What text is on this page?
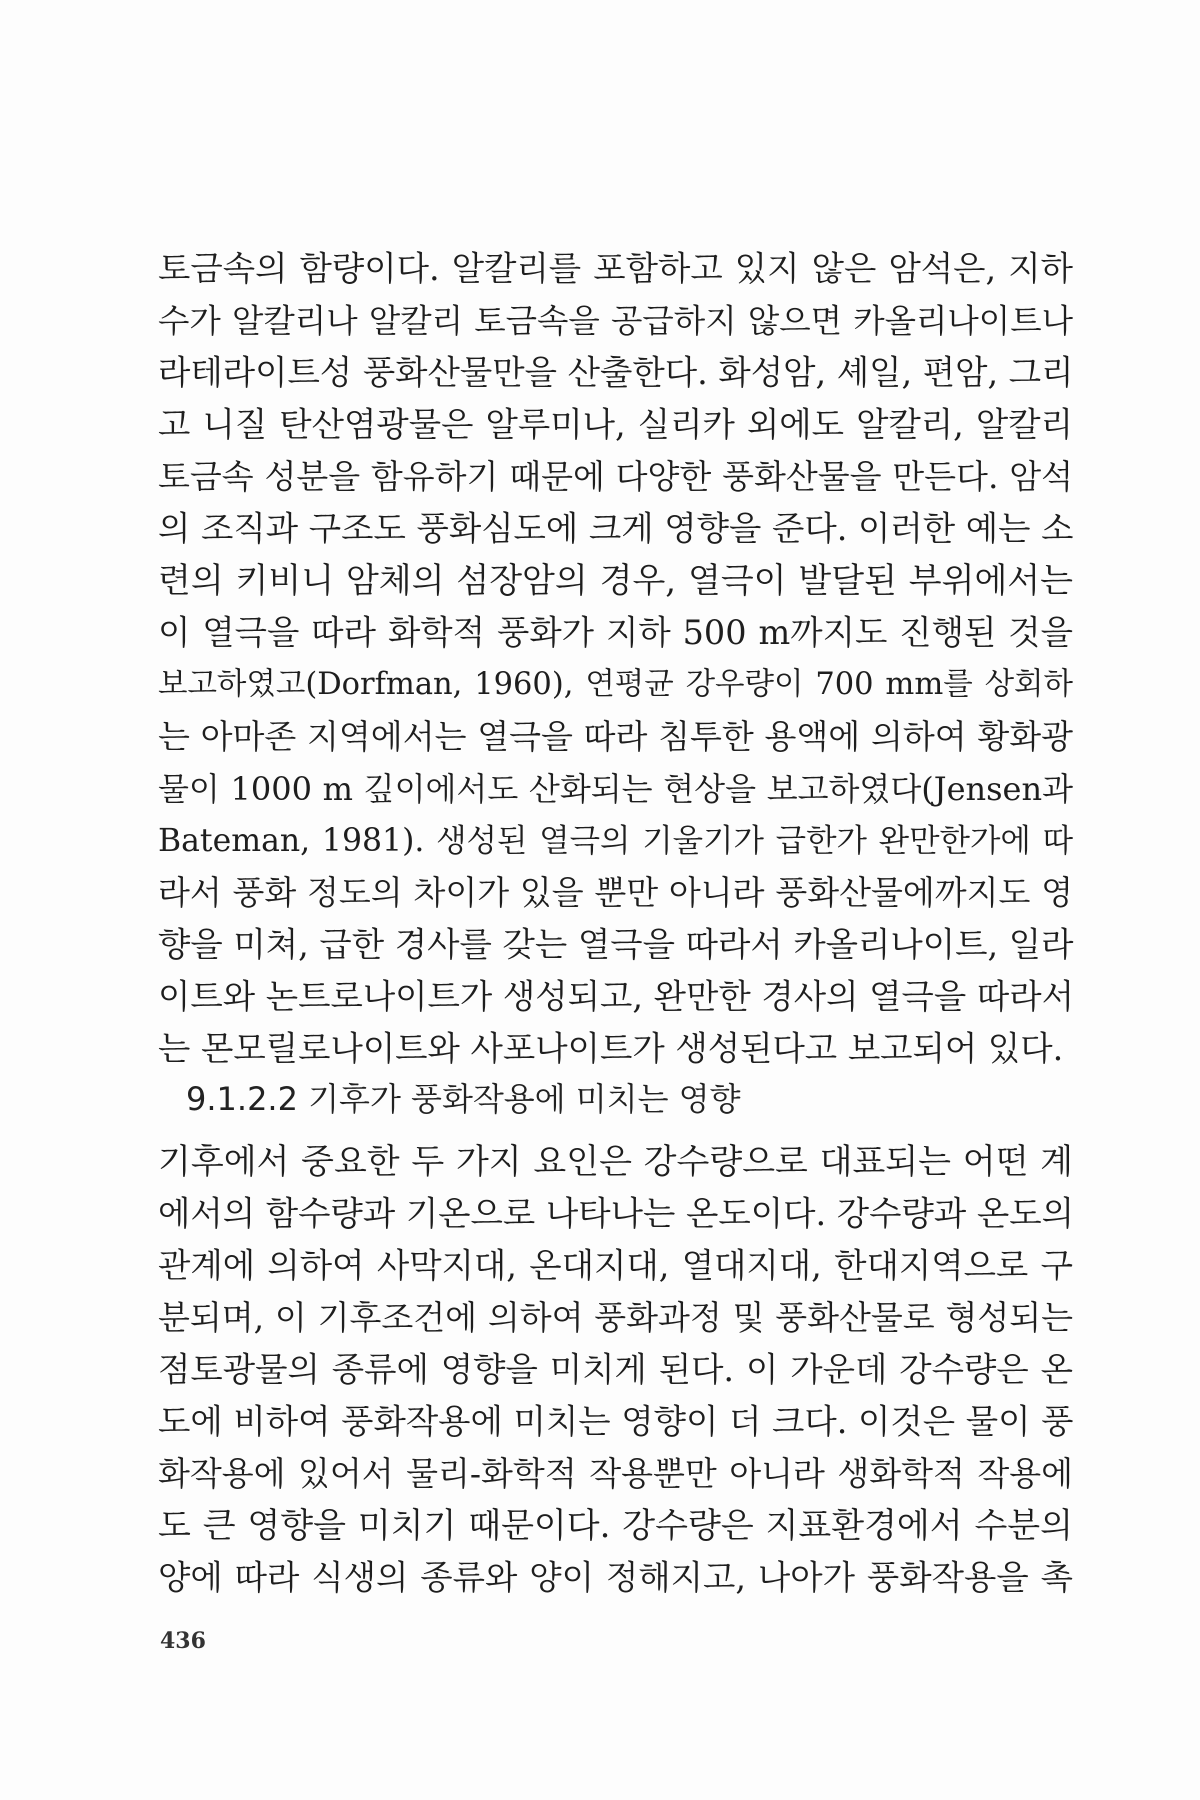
토금속의 함량이다. 알칼리를 포함하고 있지 않은 암석은, 지하
수가 알칼리나 알칼리 토금속을 공급하지 않으면 카올리나이트나
라테라이트성 풍화산물만을 산출한다. 화성암, 셰일, 편암, 그리
고 니질 탄산염광물은 알루미나, 실리카 외에도 알칼리, 알칼리
토금속 성분을 함유하기 때문에 다양한 풍화산물을 만든다. 암석
의 조직과 구조도 풍화심도에 크게 영향을 준다. 이러한 예는 소
련의 키비니 암체의 섬장암의 경우, 열극이 발달된 부위에서는
이 열극을 따라 화학적 풍화가 지하 500 m까지도 진행된 것을
보고하였고(Dorfman, 1960), 연평균 강우량이 700 mm를 상회하
는 아마존 지역에서는 열극을 따라 침투한 용액에 의하여 황화광
물이 1000 m 깊이에서도 산화되는 현상을 보고하였다(Jensen과
Bateman, 1981). 생성된 열극의 기울기가 급한가 완만한가에 따
라서 풍화 정도의 차이가 있을 뿐만 아니라 풍화산물에까지도 영
향을 미쳐, 급한 경사를 갖는 열극을 따라서 카올리나이트, 일라
이트와 논트로나이트가 생성되고, 완만한 경사의 열극을 따라서
는 몬모릴로나이트와 사포나이트가 생성된다고 보고되어 있다.
9.1.2.2 기후가 풍화작용에 미치는 영향
기후에서 중요한 두 가지 요인은 강수량으로 대표되는 어떤 계
에서의 함수량과 기온으로 나타나는 온도이다. 강수량과 온도의
관계에 의하여 사막지대, 온대지대, 열대지대, 한대지역으로 구
분되며, 이 기후조건에 의하여 풍화과정 및 풍화산물로 형성되는
점토광물의 종류에 영향을 미치게 된다. 이 가운데 강수량은 온
도에 비하여 풍화작용에 미치는 영향이 더 크다. 이것은 물이 풍
화작용에 있어서 물리-화학적 작용뿐만 아니라 생화학적 작용에
도 큰 영향을 미치기 때문이다. 강수량은 지표환경에서 수분의
양에 따라 식생의 종류와 양이 정해지고, 나아가 풍화작용을 촉
436
